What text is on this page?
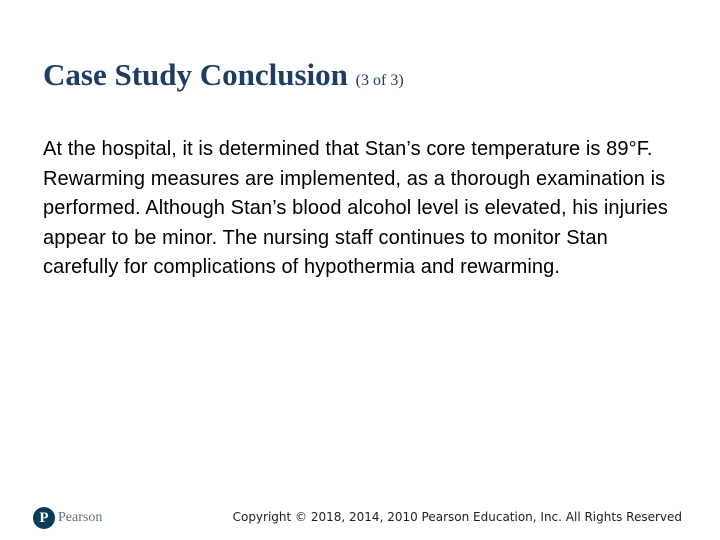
Case Study Conclusion (3 of 3)

At the hospital, it is determined that Stan’s core temperature is 89°F. Rewarming measures are implemented, as a thorough examination is performed. Although Stan’s blood alcohol level is elevated, his injuries appear to be minor. The nursing staff continues to monitor Stan carefully for complications of hypothermia and rewarming.

P Pearson	Copyright © 2018, 2014, 2010 Pearson Education, Inc. All Rights Reserved
